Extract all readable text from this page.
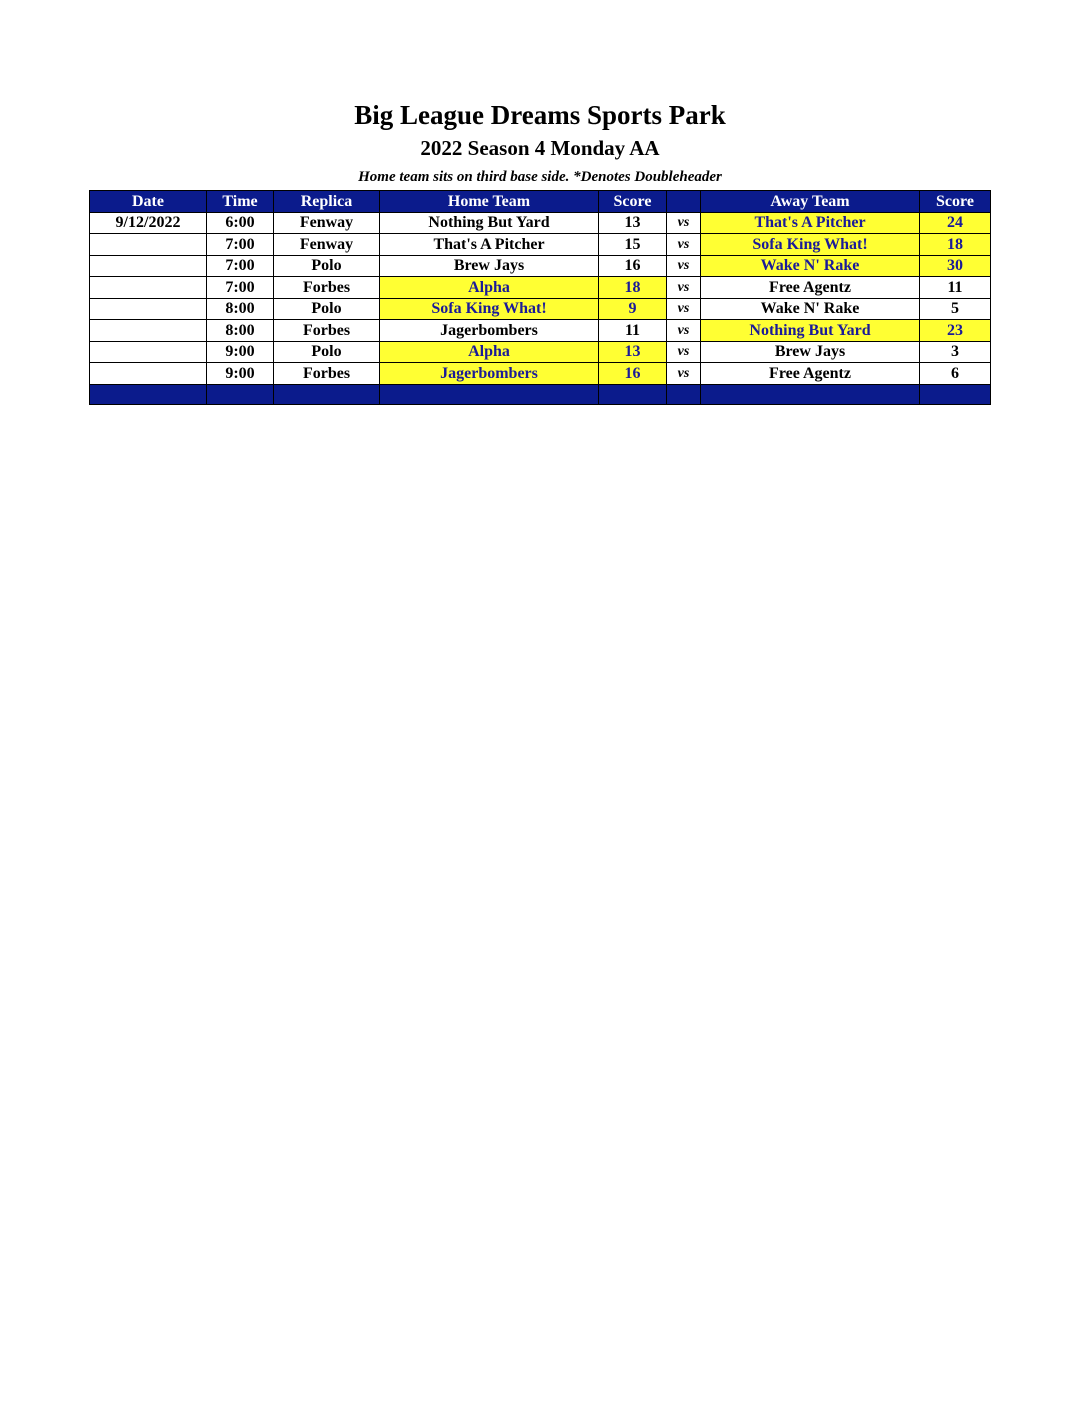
Big League Dreams Sports Park
2022 Season 4 Monday AA
Home team sits on third base side. *Denotes Doubleheader
Date	Time	Replica	Home Team	Score		Away Team	Score
9/12/2022	6:00	Fenway	Nothing But Yard	13	vs	That's A Pitcher	24
	7:00	Fenway	That's A Pitcher	15	vs	Sofa King What!	18
	7:00	Polo	Brew Jays	16	vs	Wake N' Rake	30
	7:00	Forbes	Alpha	18	vs	Free Agentz	11
	8:00	Polo	Sofa King What!	9	vs	Wake N' Rake	5
	8:00	Forbes	Jagerbombers	11	vs	Nothing But Yard	23
	9:00	Polo	Alpha	13	vs	Brew Jays	3
	9:00	Forbes	Jagerbombers	16	vs	Free Agentz	6
